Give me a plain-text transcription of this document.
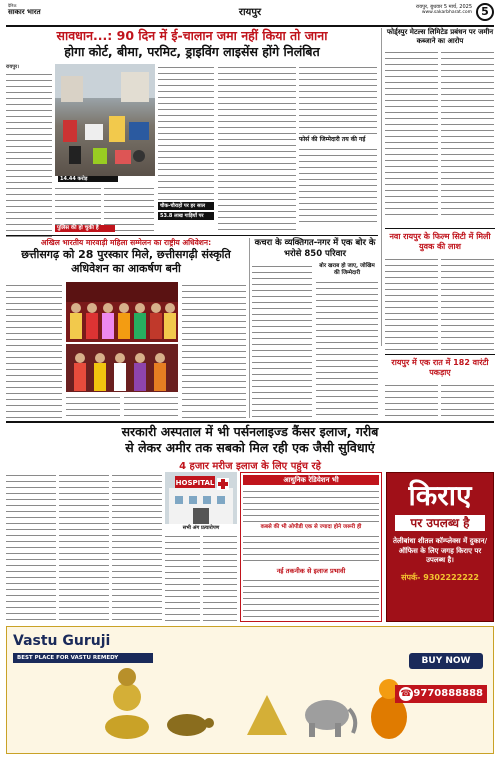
दैनिक
साकार भारत	रायपुर	रायपुर, बुधवार 5 मार्च, 2025
www.sakarbharat.com 5
सावधान...: 90 दिन में ई-चालान जमा नहीं किया तो जाना
होगा कोर्ट, बीमा, परमिट, ड्राइविंग लाइसेंस होंगे निलंबित
रायपुर।
14.44 करोड़
पुलिस की हो चुकी है
चौक-चौराहों पर हर साल
53.8 लाख गाड़ियाँ पर
फोर्स की जिम्मेदारी तय की गई
फोर्ड्स्पुर मेटल्स लिमिटेड प्रबंधन पर जमीन कब्जाने का आरोप
अखिल भारतीय मारवाड़ी महिला सम्मेलन का राष्ट्रीय अधिवेशन:
छत्तीसगढ़ को 28 पुरस्कार मिले, छत्तीसगढ़ी संस्कृति अधिवेशन का आकर्षण बनी
कचरा के व्यक्तिगत-नगर में एक बोर के भरोसे 850 परिवार
बोर खराब हो जाए, जोखिम की जिम्मेदारी
नवा रायपुर के फिल्म सिटी में मिली युवक की लाश
रायपुर में एक रात में 182 वारंटी पकड़ाए
सरकारी अस्पताल में भी पर्सनलाइज्ड कैंसर इलाज, गरीब
से लेकर अमीर तक सबको मिल रही एक जैसी सुविधाएं
4 हजार मरीज इलाज के लिए पहुंच रहे
HOSPITAL
सभी अंग प्रत्यारोपण
आधुनिक रेडियेशन भी
कबसे की भी ओपीडी एक से ज्यादा होने जरूरी ही
नई तकनीक से इलाज प्रभावी
किराए
पर उपलब्ध है
तेलीबांधा शीतल कॉम्प्लेक्स में दुकान/ऑफिस के लिए जगह किराए पर उपलब्ध है।
संपर्क- 9302222222
Vastu Guruji
BEST PLACE FOR VASTU REMEDY	BUY NOW
☎ 9770888888
